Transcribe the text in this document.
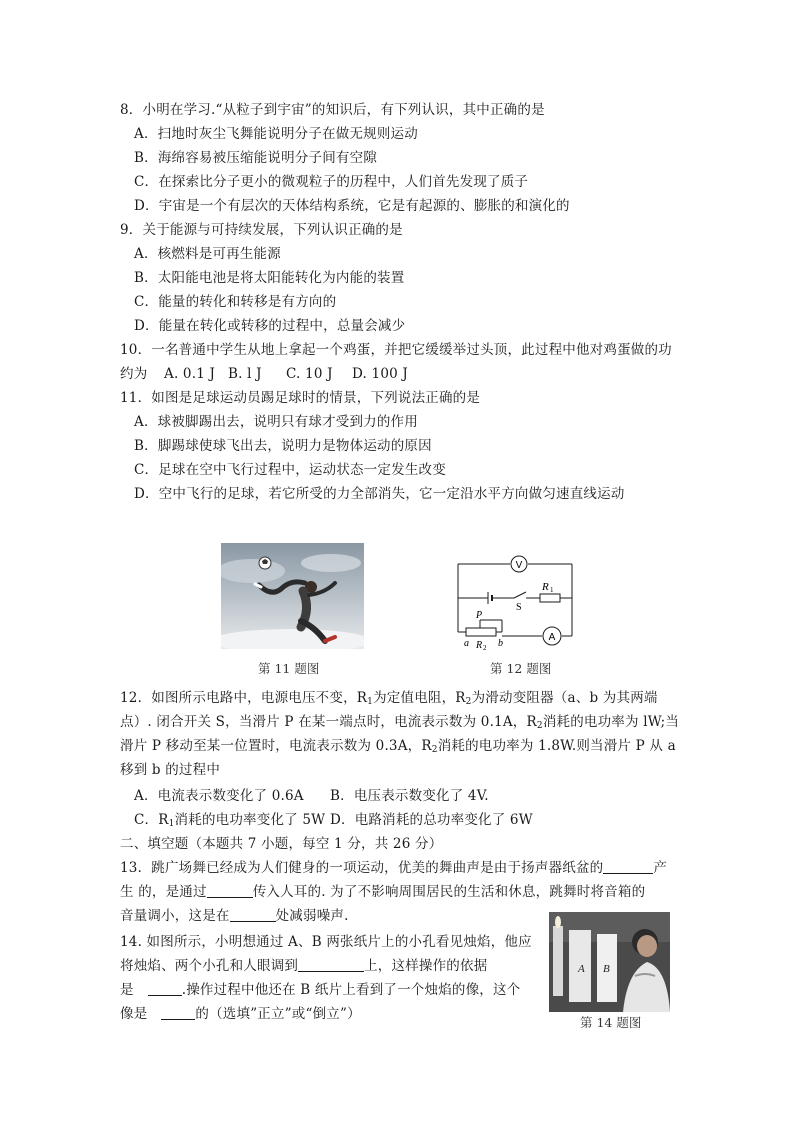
8．小明在学习.“从粒子到宇宙”的知识后，有下列认识，其中正确的是
A．扫地时灰尘飞舞能说明分子在做无规则运动
B．海绵容易被压缩能说明分子间有空隙
C．在探索比分子更小的微观粒子的历程中，人们首先发现了质子
D．宇宙是一个有层次的天体结构系统，它是有起源的、膨胀的和演化的
9．关于能源与可持续发展，下列认识正确的是
A．核燃料是可再生能源
B．太阳能电池是将太阳能转化为内能的装置
C．能量的转化和转移是有方向的
D．能量在转化或转移的过程中，总量会减少
10．一名普通中学生从地上拿起一个鸡蛋，并把它缓缓举过头顶，此过程中他对鸡蛋做的功
约为 A. 0.1 J B. l J C. 10 J D. 100 J
11．如图是足球运动员踢足球时的情景，下列说法正确的是
A．球被脚踢出去，说明只有球才受到力的作用
B．脚踢球使球飞出去，说明力是物体运动的原因
C．足球在空中飞行过程中，运动状态一定发生改变
D．空中飞行的足球，若它所受的力全部消失，它一定沿水平方向做匀速直线运动
第 11 题图
V
A
R 1
S
P
R 2
a	b
第 12 题图
12．如图所示电路中，电源电压不变，$R_1$为定值电阻，$R_2$为滑动变阻器（a、b 为其两端
点）. 闭合开关 S，当滑片 P 在某一端点时，电流表示数为 0.1A，$R_2$消耗的电功率为 lW;当
滑片 P 移动至某一位置时，电流表示数为 0.3A，$R_2$消耗的电功率为 1.8W.则当滑片 P 从 a
移到 b 的过程中
A．电流表示数变化了 0.6A B．电压表示数变化了 4V.
C．$R_1$消耗的电功率变化了 5W D．电路消耗的总功率变化了 6W
二、填空题（本题共 7 小题，每空 1 分，共 26 分）
13．跳广场舞已经成为人们健身的一项运动，优美的舞曲声是由于扬声器纸盆的	产
生 的，是通过	传入人耳的. 为了不影响周围居民的生活和休息，跳舞时将音箱的
音量调小，这是在	处减弱噪声.
14. 如图所示，小明想通过 A、B 两张纸片上的小孔看见烛焰，他应
将烛焰、两个小孔和人眼调到	上，这样操作的依据
是	.操作过程中他还在 B 纸片上看到了一个烛焰的像，这个
像是	的（选填”正立”或“倒立”）
A B
第 14 题图
